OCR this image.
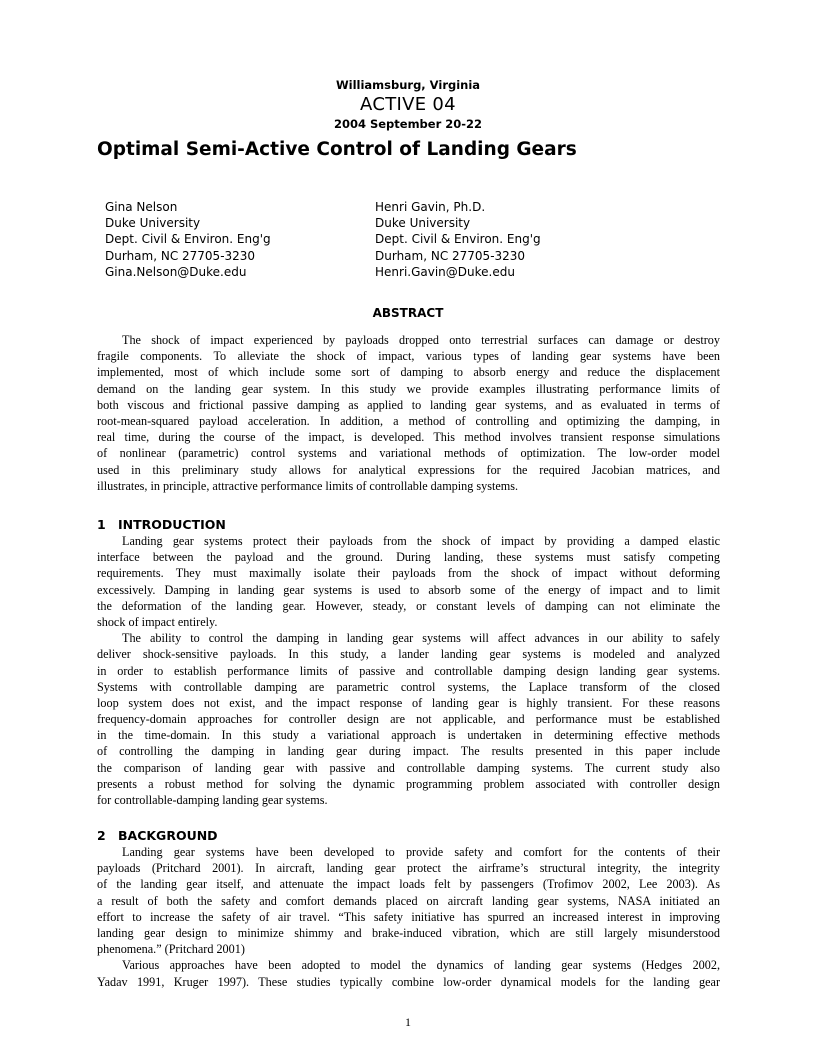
Williamsburg, Virginia
ACTIVE 04
2004 September 20-22
Optimal Semi-Active Control of Landing Gears
Gina Nelson
Duke University
Dept. Civil & Environ. Eng'g
Durham, NC 27705-3230
Gina.Nelson@Duke.edu
Henri Gavin, Ph.D.
Duke University
Dept. Civil & Environ. Eng'g
Durham, NC 27705-3230
Henri.Gavin@Duke.edu
ABSTRACT
The shock of impact experienced by payloads dropped onto terrestrial surfaces can damage or destroy
fragile components. To alleviate the shock of impact, various types of landing gear systems have been
implemented, most of which include some sort of damping to absorb energy and reduce the displacement
demand on the landing gear system. In this study we provide examples illustrating performance limits of
both viscous and frictional passive damping as applied to landing gear systems, and as evaluated in terms of
root-mean-squared payload acceleration. In addition, a method of controlling and optimizing the damping, in
real time, during the course of the impact, is developed. This method involves transient response simulations
of nonlinear (parametric) control systems and variational methods of optimization. The low-order model
used in this preliminary study allows for analytical expressions for the required Jacobian matrices, and
illustrates, in principle, attractive performance limits of controllable damping systems.
1 INTRODUCTION
Landing gear systems protect their payloads from the shock of impact by providing a damped elastic
interface between the payload and the ground. During landing, these systems must satisfy competing
requirements. They must maximally isolate their payloads from the shock of impact without deforming
excessively. Damping in landing gear systems is used to absorb some of the energy of impact and to limit
the deformation of the landing gear. However, steady, or constant levels of damping can not eliminate the
shock of impact entirely.
The ability to control the damping in landing gear systems will affect advances in our ability to safely
deliver shock-sensitive payloads. In this study, a lander landing gear systems is modeled and analyzed
in order to establish performance limits of passive and controllable damping design landing gear systems.
Systems with controllable damping are parametric control systems, the Laplace transform of the closed
loop system does not exist, and the impact response of landing gear is highly transient. For these reasons
frequency-domain approaches for controller design are not applicable, and performance must be established
in the time-domain. In this study a variational approach is undertaken in determining effective methods
of controlling the damping in landing gear during impact. The results presented in this paper include
the comparison of landing gear with passive and controllable damping systems. The current study also
presents a robust method for solving the dynamic programming problem associated with controller design
for controllable-damping landing gear systems.
2 BACKGROUND
Landing gear systems have been developed to provide safety and comfort for the contents of their
payloads (Pritchard 2001). In aircraft, landing gear protect the airframe’s structural integrity, the integrity
of the landing gear itself, and attenuate the impact loads felt by passengers (Trofimov 2002, Lee 2003). As
a result of both the safety and comfort demands placed on aircraft landing gear systems, NASA initiated an
effort to increase the safety of air travel. “This safety initiative has spurred an increased interest in improving
landing gear design to minimize shimmy and brake-induced vibration, which are still largely misunderstood
phenomena.” (Pritchard 2001)
Various approaches have been adopted to model the dynamics of landing gear systems (Hedges 2002,
Yadav 1991, Kruger 1997). These studies typically combine low-order dynamical models for the landing gear
1
